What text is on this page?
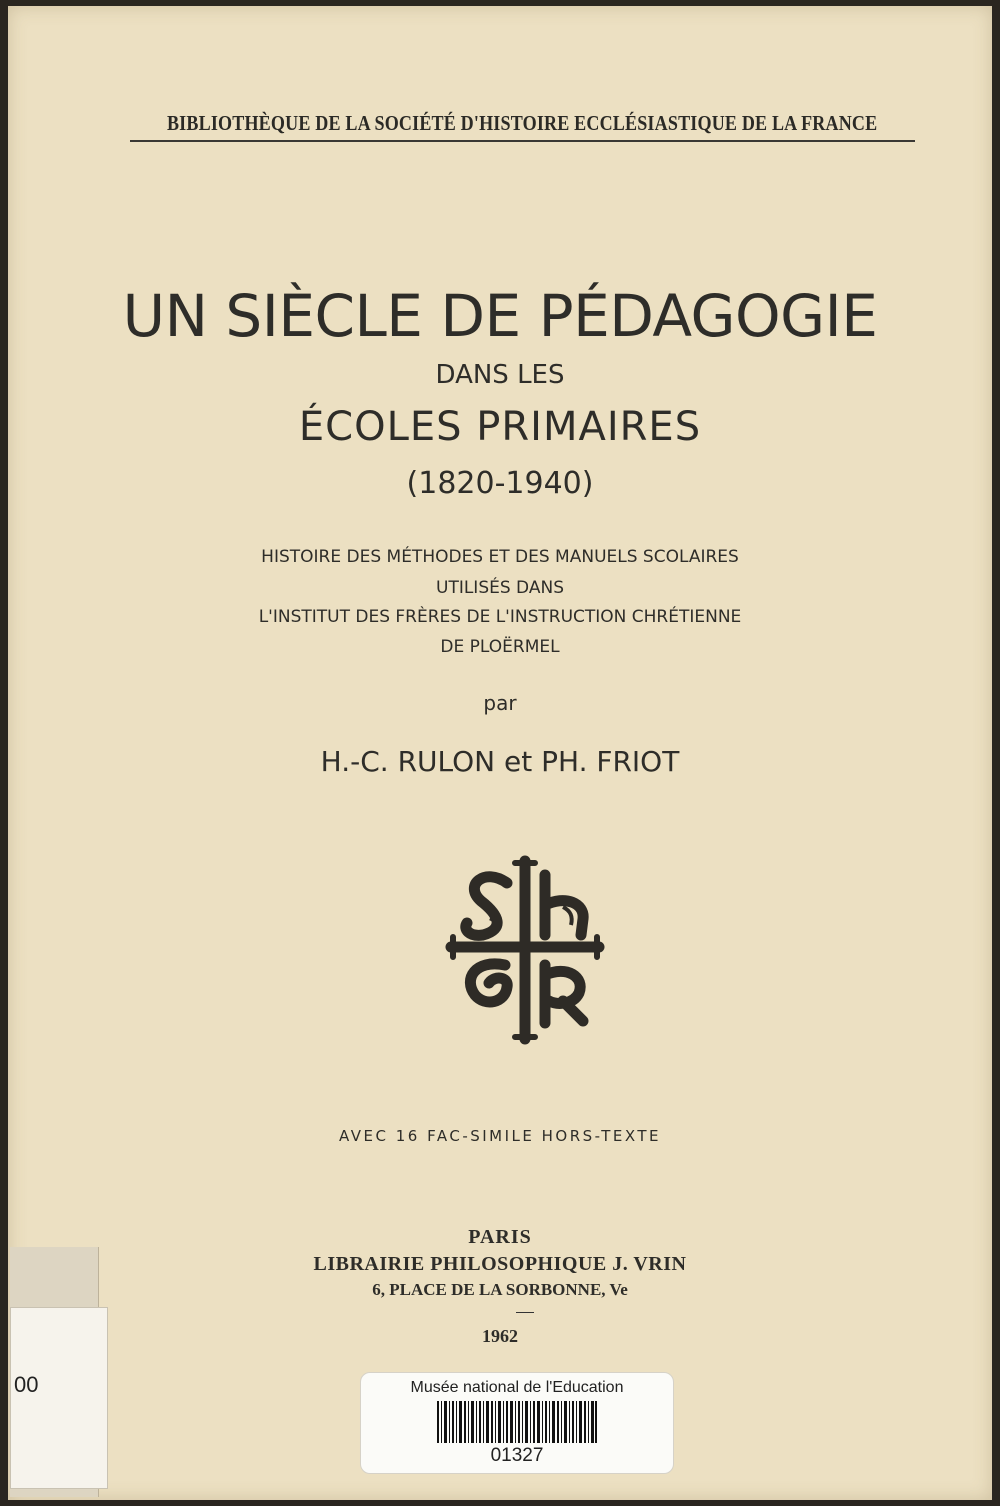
BIBLIOTHÈQUE DE LA SOCIÉTÉ D'HISTOIRE ECCLÉSIASTIQUE DE LA FRANCE
UN SIÈCLE DE PÉDAGOGIE
DANS LES
ÉCOLES PRIMAIRES
(1820-1940)
HISTOIRE DES MÉTHODES ET DES MANUELS SCOLAIRES
UTILISÉS DANS
L'INSTITUT DES FRÈRES DE L'INSTRUCTION CHRÉTIENNE
DE PLOËRMEL
par
H.-C. RULON et PH. FRIOT
AVEC 16 FAC-SIMILE HORS-TEXTE
PARIS
LIBRAIRIE PHILOSOPHIQUE J. VRIN
6, PLACE DE LA SORBONNE, Ve
1962
00	Musée national de l'Education
01327
